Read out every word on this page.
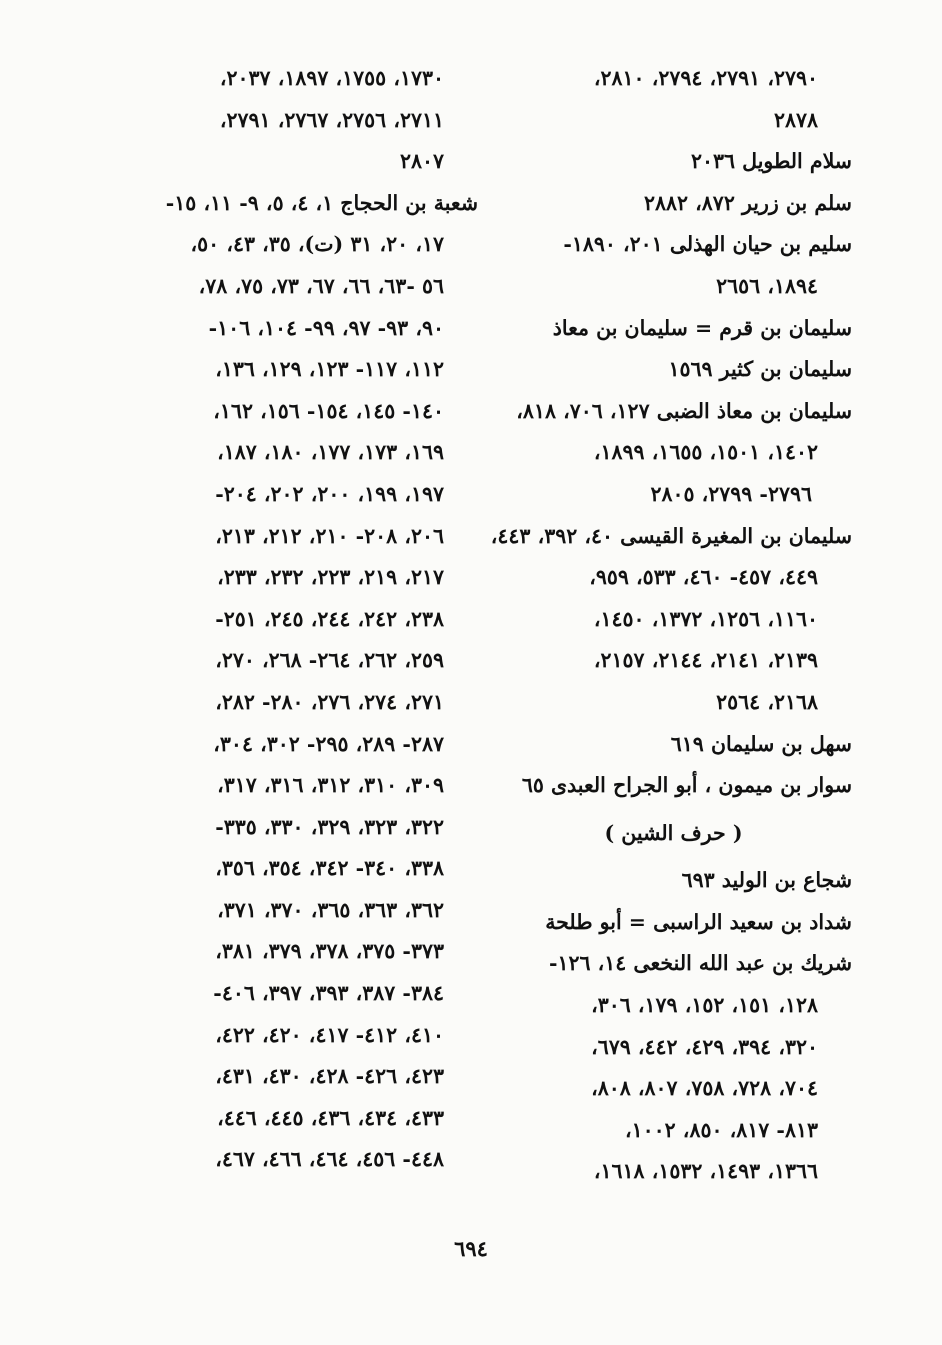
٢٧٩٠، ٢٧٩١، ٢٧٩٤، ٢٨١٠،
٢٨٧٨
سلام الطويل ٢٠٣٦
سلم بن زرير ٨٧٢، ٢٨٨٢
سليم بن حيان الهذلى ٢٠١، ١٨٩٠-
١٨٩٤، ٢٦٥٦
سليمان بن قرم = سليمان بن معاذ
سليمان بن كثير ١٥٦٩
سليمان بن معاذ الضبى ١٢٧، ٧٠٦، ٨١٨،
١٤٠٢، ١٥٠١، ١٦٥٥، ١٨٩٩،
٢٧٩٦- ٢٧٩٩، ٢٨٠٥
سليمان بن المغيرة القيسى ٤٠، ٣٩٢، ٤٤٣،
٤٤٩، ٤٥٧- ٤٦٠، ٥٣٣، ٩٥٩،
١١٦٠، ١٢٥٦، ١٣٧٢، ١٤٥٠،
٢١٣٩، ٢١٤١، ٢١٤٤، ٢١٥٧،
٢١٦٨، ٢٥٦٤
سهل بن سليمان ٦١٩
سوار بن ميمون ، أبو الجراح العبدى ٦٥
( حرف الشين )
شجاع بن الوليد ٦٩٣
شداد بن سعيد الراسبى = أبو طلحة
شريك بن عبد الله النخعى ١٤، ١٢٦-
١٢٨، ١٥١، ١٥٢، ١٧٩، ٣٠٦،
٣٢٠، ٣٩٤، ٤٢٩، ٤٤٢، ٦٧٩،
٧٠٤، ٧٢٨، ٧٥٨، ٨٠٧، ٨٠٨،
٨١٣- ٨١٧، ٨٥٠، ١٠٠٢،
١٣٦٦، ١٤٩٣، ١٥٣٢، ١٦١٨،
١٧٣٠، ١٧٥٥، ١٨٩٧، ٢٠٣٧،
٢٧١١، ٢٧٥٦، ٢٧٦٧، ٢٧٩١،
٢٨٠٧
شعبة بن الحجاج ١، ٤، ٥، ٩- ١١، ١٥-
١٧، ٢٠، ٣١ (ت)، ٣٥، ٤٣، ٥٠،
٥٦ -٦٣، ٦٦، ٦٧، ٧٣، ٧٥، ٧٨،
٩٠، ٩٣- ٩٧، ٩٩- ١٠٤، ١٠٦-
١١٢، ١١٧- ١٢٣، ١٢٩، ١٣٦،
١٤٠- ١٤٥، ١٥٤- ١٥٦، ١٦٢،
١٦٩، ١٧٣، ١٧٧، ١٨٠، ١٨٧،
١٩٧، ١٩٩، ٢٠٠، ٢٠٢، ٢٠٤-
٢٠٦، ٢٠٨- ٢١٠، ٢١٢، ٢١٣،
٢١٧، ٢١٩، ٢٢٣، ٢٣٢، ٢٣٣،
٢٣٨، ٢٤٢، ٢٤٤، ٢٤٥، ٢٥١-
٢٥٩، ٢٦٢، ٢٦٤- ٢٦٨، ٢٧٠،
٢٧١، ٢٧٤، ٢٧٦، ٢٨٠- ٢٨٢،
٢٨٧- ٢٨٩، ٢٩٥- ٣٠٢، ٣٠٤،
٣٠٩، ٣١٠، ٣١٢، ٣١٦، ٣١٧،
٣٢٢، ٣٢٣، ٣٢٩، ٣٣٠، ٣٣٥-
٣٣٨، ٣٤٠- ٣٤٢، ٣٥٤، ٣٥٦،
٣٦٢، ٣٦٣، ٣٦٥، ٣٧٠، ٣٧١،
٣٧٣- ٣٧٥، ٣٧٨، ٣٧٩، ٣٨١،
٣٨٤- ٣٨٧، ٣٩٣، ٣٩٧، ٤٠٦-
٤١٠، ٤١٢- ٤١٧، ٤٢٠، ٤٢٢،
٤٢٣، ٤٢٦- ٤٢٨، ٤٣٠، ٤٣١،
٤٣٣، ٤٣٤، ٤٣٦، ٤٤٥، ٤٤٦،
٤٤٨- ٤٥٦، ٤٦٤، ٤٦٦، ٤٦٧،
٦٩٤
